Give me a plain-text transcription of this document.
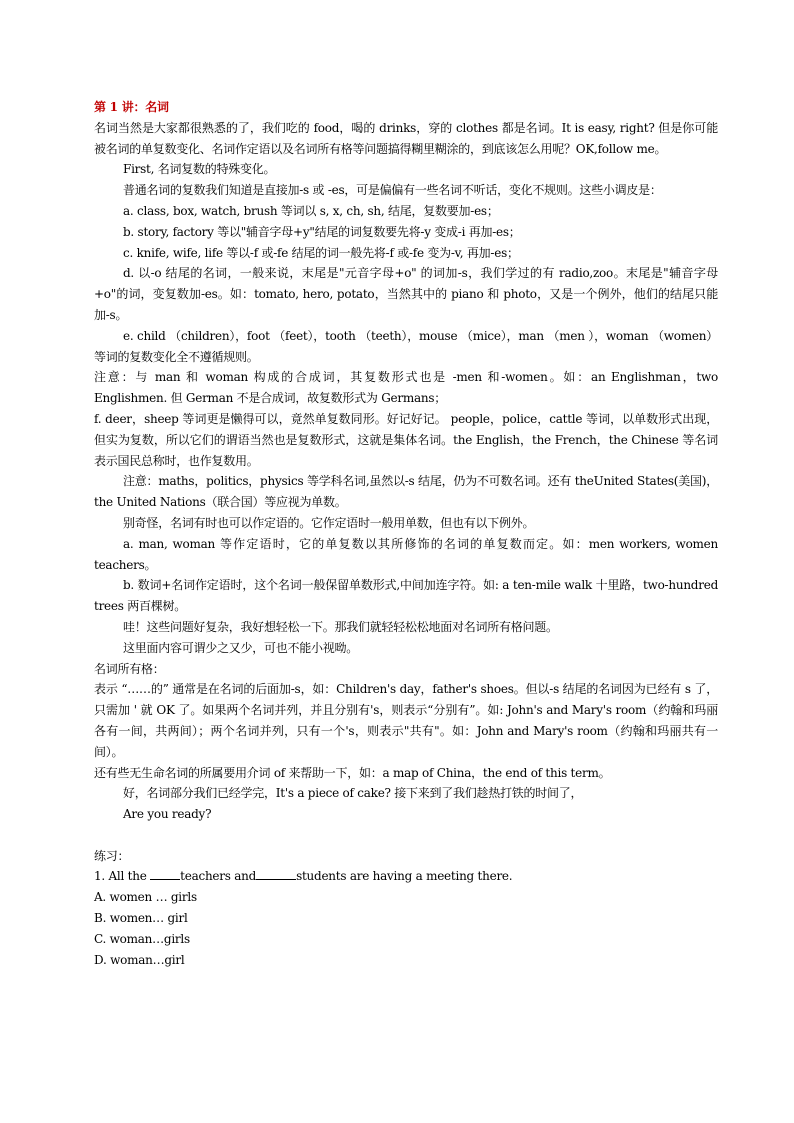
第 1 讲：名词

名词当然是大家都很熟悉的了，我们吃的 food，喝的 drinks，穿的 clothes 都是名词。It is easy, right? 但是你可能被名词的单复数变化、名词作定语以及名词所有格等问题搞得糊里糊涂的，到底该怎么用呢？OK,follow me。

First, 名词复数的特殊变化。

普通名词的复数我们知道是直接加-s 或 -es，可是偏偏有一些名词不听话，变化不规则。这些小调皮是：

a. class, box, watch, brush 等词以 s, x, ch, sh, 结尾，复数要加-es；

b. story, factory 等以"辅音字母+y"结尾的词复数要先将-y 变成-i 再加-es；

c. knife, wife, life 等以-f 或-fe 结尾的词一般先将-f 或-fe 变为-v, 再加-es；

d. 以-o 结尾的名词，一般来说，末尾是"元音字母+o" 的词加-s，我们学过的有 radio,zoo。末尾是"辅音字母+o"的词，变复数加-es。如：tomato, hero, potato，当然其中的 piano 和 photo，又是一个例外，他们的结尾只能加-s。

e. child （children），foot （feet），tooth （teeth），mouse （mice），man （men ），woman （women）等词的复数变化全不遵循规则。

注意：与 man 和 woman 构成的合成词，其复数形式也是 -men 和-women。如：an Englishman，two Englishmen. 但 German 不是合成词，故复数形式为 Germans；

f. deer，sheep 等词更是懒得可以，竟然单复数同形。好记好记。 people，police，cattle 等词，以单数形式出现，但实为复数，所以它们的谓语当然也是复数形式，这就是集体名词。the English，the French，the Chinese 等名词表示国民总称时，也作复数用。

注意：maths，politics，physics 等学科名词,虽然以-s 结尾，仍为不可数名词。还有 theUnited States(美国)，the United Nations（联合国）等应视为单数。

别奇怪，名词有时也可以作定语的。它作定语时一般用单数，但也有以下例外。

a. man, woman 等作定语时，它的单复数以其所修饰的名词的单复数而定。如：men workers, women teachers。

b. 数词+名词作定语时，这个名词一般保留单数形式,中间加连字符。如: a ten-mile walk 十里路，two-hundred trees 两百棵树。

哇！这些问题好复杂，我好想轻松一下。那我们就轻轻松松地面对名词所有格问题。

这里面内容可谓少之又少，可也不能小视呦。

名词所有格：

表示 “……的” 通常是在名词的后面加-s，如：Children's day，father's shoes。但以-s 结尾的名词因为已经有 s 了，只需加 ' 就 OK 了。如果两个名词并列，并且分别有's，则表示“分别有”。如: John's and Mary's room（约翰和玛丽各有一间，共两间）；两个名词并列，只有一个's，则表示"共有"。如：John and Mary's room（约翰和玛丽共有一间）。

还有些无生命名词的所属要用介词 of 来帮助一下，如：a map of China，the end of this term。

好，名词部分我们已经学完，It's a piece of cake? 接下来到了我们趁热打铁的时间了，

Are you ready?

练习：

1. All the	teachers and	students are having a meeting there.

A. women … girls

B. women… girl

C. woman…girls

D. woman…girl
